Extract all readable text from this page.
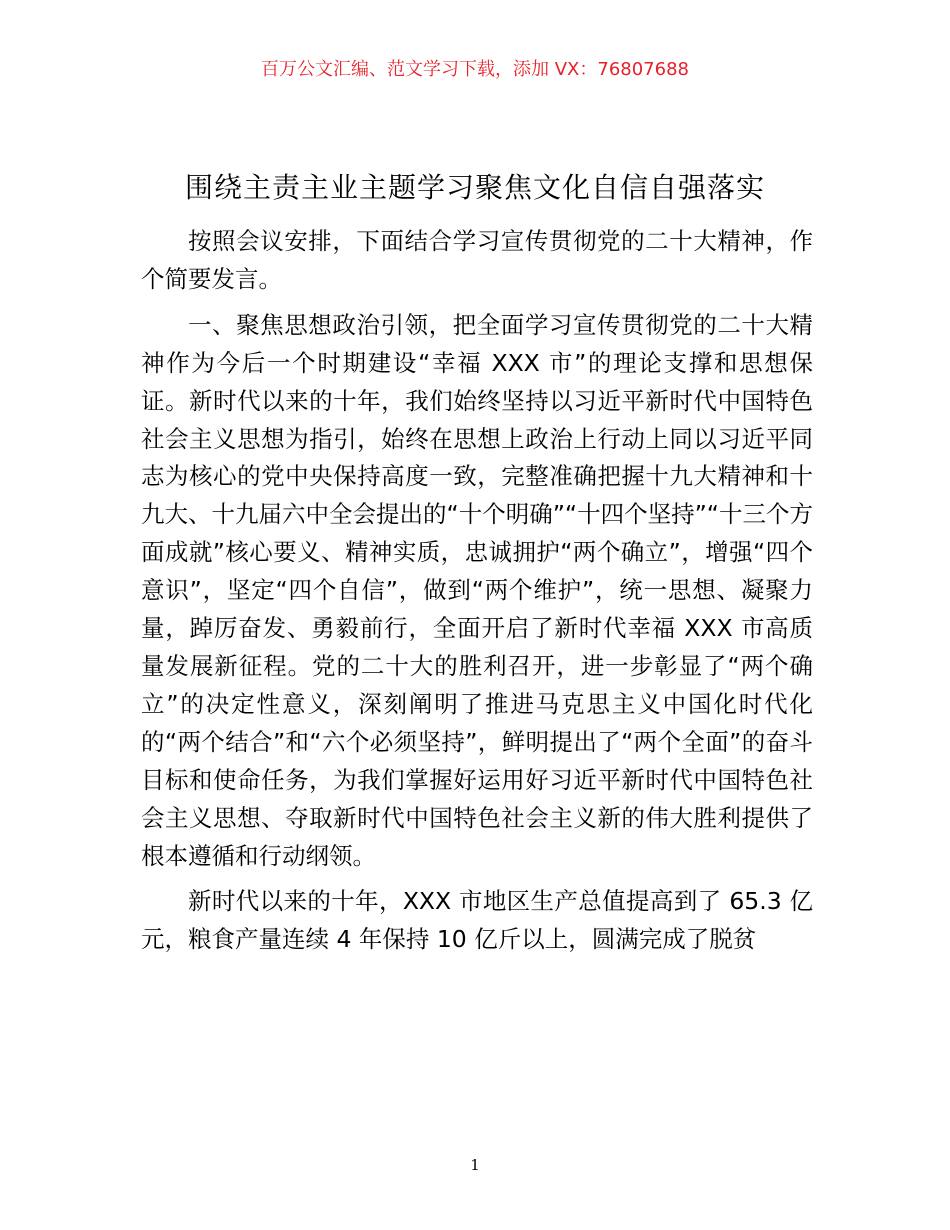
百万公文汇编、范文学习下载，添加 VX：76807688
围绕主责主业主题学习聚焦文化自信自强落实

按照会议安排，下面结合学习宣传贯彻党的二十大精神，作个简要发言。

一、聚焦思想政治引领，把全面学习宣传贯彻党的二十大精神作为今后一个时期建设“幸福 XXX 市”的理论支撑和思想保证。新时代以来的十年，我们始终坚持以习近平新时代中国特色社会主义思想为指引，始终在思想上政治上行动上同以习近平同志为核心的党中央保持高度一致，完整准确把握十九大精神和十九大、十九届六中全会提出的“十个明确”“十四个坚持”“十三个方面成就”核心要义、精神实质，忠诚拥护“两个确立”，增强“四个意识”，坚定“四个自信”，做到“两个维护”，统一思想、凝聚力量，踔厉奋发、勇毅前行，全面开启了新时代幸福 XXX 市高质量发展新征程。党的二十大的胜利召开，进一步彰显了“两个确立”的决定性意义，深刻阐明了推进马克思主义中国化时代化的“两个结合”和“六个必须坚持”，鲜明提出了“两个全面”的奋斗目标和使命任务，为我们掌握好运用好习近平新时代中国特色社会主义思想、夺取新时代中国特色社会主义新的伟大胜利提供了根本遵循和行动纲领。

新时代以来的十年，XXX 市地区生产总值提高到了 65.3 亿元，粮食产量连续 4 年保持 10 亿斤以上，圆满完成了脱贫

1
